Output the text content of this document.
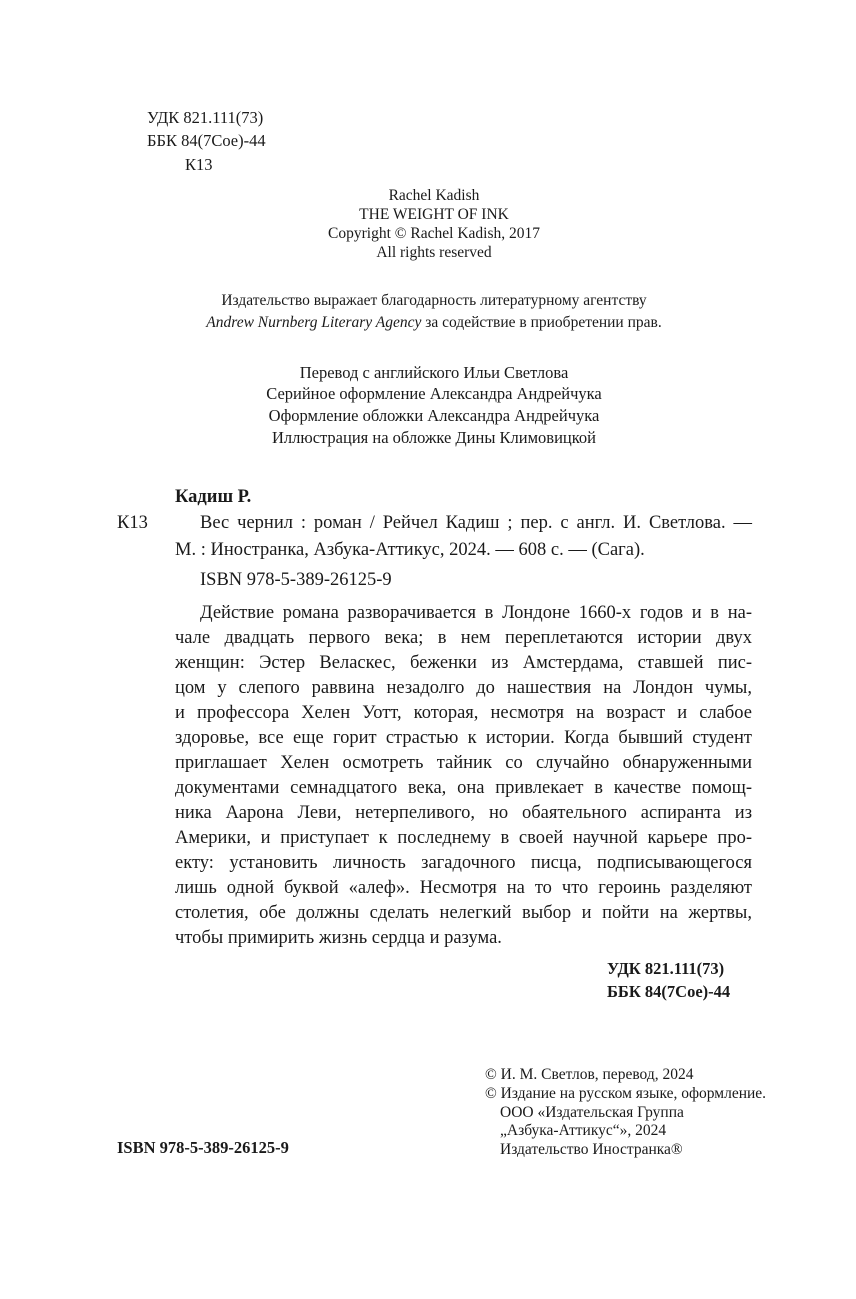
УДК 821.111(73)
ББК 84(7Сое)-44
К13
Rachel Kadish
THE WEIGHT OF INK
Copyright © Rachel Kadish, 2017
All rights reserved
Издательство выражает благодарность литературному агентству
Andrew Nurnberg Literary Agency за содействие в приобретении прав.
Перевод с английского Ильи Светлова
Серийное оформление Александра Андрейчука
Оформление обложки Александра Андрейчука
Иллюстрация на обложке Дины Климовицкой
Кадиш Р.
К13	Вес чернил : роман / Рейчел Кадиш ; пер. с англ. И. Светлова. —
М. : Иностранка, Азбука-Аттикус, 2024. — 608 с. — (Сага).
ISBN 978-5-389-26125-9
Действие романа разворачивается в Лондоне 1660-х годов и в на-
чале двадцать первого века; в нем переплетаются истории двух
женщин: Эстер Веласкес, беженки из Амстердама, ставшей пис-
цом у слепого раввина незадолго до нашествия на Лондон чумы,
и профессора Хелен Уотт, которая, несмотря на возраст и слабое
здоровье, все еще горит страстью к истории. Когда бывший студент
приглашает Хелен осмотреть тайник со случайно обнаруженными
документами семнадцатого века, она привлекает в качестве помощ-
ника Аарона Леви, нетерпеливого, но обаятельного аспиранта из
Америки, и приступает к последнему в своей научной карьере про-
екту: установить личность загадочного писца, подписывающегося
лишь одной буквой «алеф». Несмотря на то что героинь разделяют
столетия, обе должны сделать нелегкий выбор и пойти на жертвы,
чтобы примирить жизнь сердца и разума.
УДК 821.111(73)
ББК 84(7Сое)-44
ISBN 978-5-389-26125-9
© И. М. Светлов, перевод, 2024
© Издание на русском языке, оформление.
ООО «Издательская Группа
„Азбука-Аттикус“», 2024
Издательство Иностранка®
